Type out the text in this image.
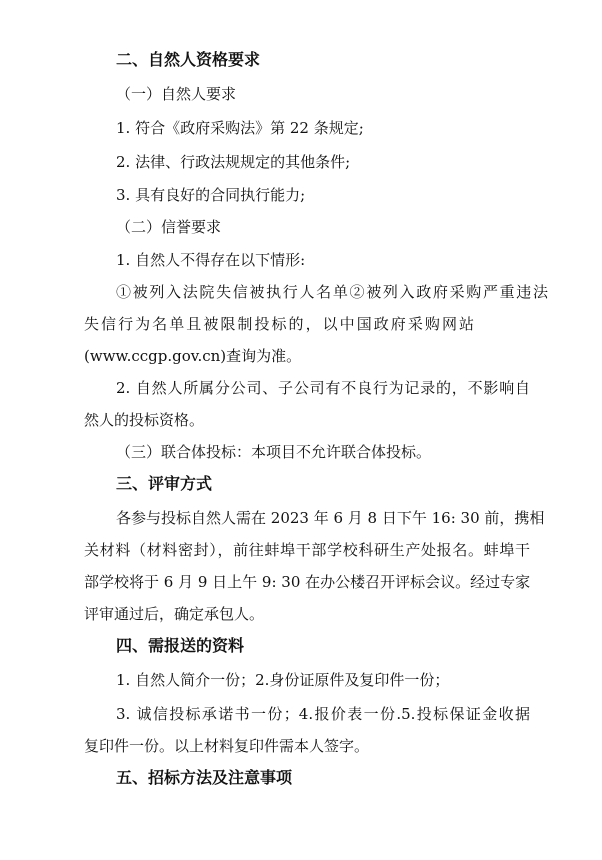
二、自然人资格要求
（一）自然人要求
1. 符合《政府采购法》第 22 条规定;
2. 法律、行政法规规定的其他条件;
3. 具有良好的合同执行能力;
（二）信誉要求
1. 自然人不得存在以下情形:
①被列入法院失信被执行人名单②被列入政府采购严重违法
失信行为名单且被限制投标的，以中国政府采购网站
(www.ccgp.gov.cn)查询为准。
2. 自然人所属分公司、子公司有不良行为记录的，不影响自
然人的投标资格。
（三）联合体投标：本项目不允许联合体投标。
三、评审方式
各参与投标自然人需在 2023 年 6 月 8 日下午 16: 30 前，携相
关材料（材料密封），前往蚌埠干部学校科研生产处报名。蚌埠干
部学校将于 6 月 9 日上午 9: 30 在办公楼召开评标会议。经过专家
评审通过后，确定承包人。
四、需报送的资料
1. 自然人简介一份；2.身份证原件及复印件一份；
3. 诚信投标承诺书一份；4.报价表一份.5.投标保证金收据
复印件一份。以上材料复印件需本人签字。
五、招标方法及注意事项
